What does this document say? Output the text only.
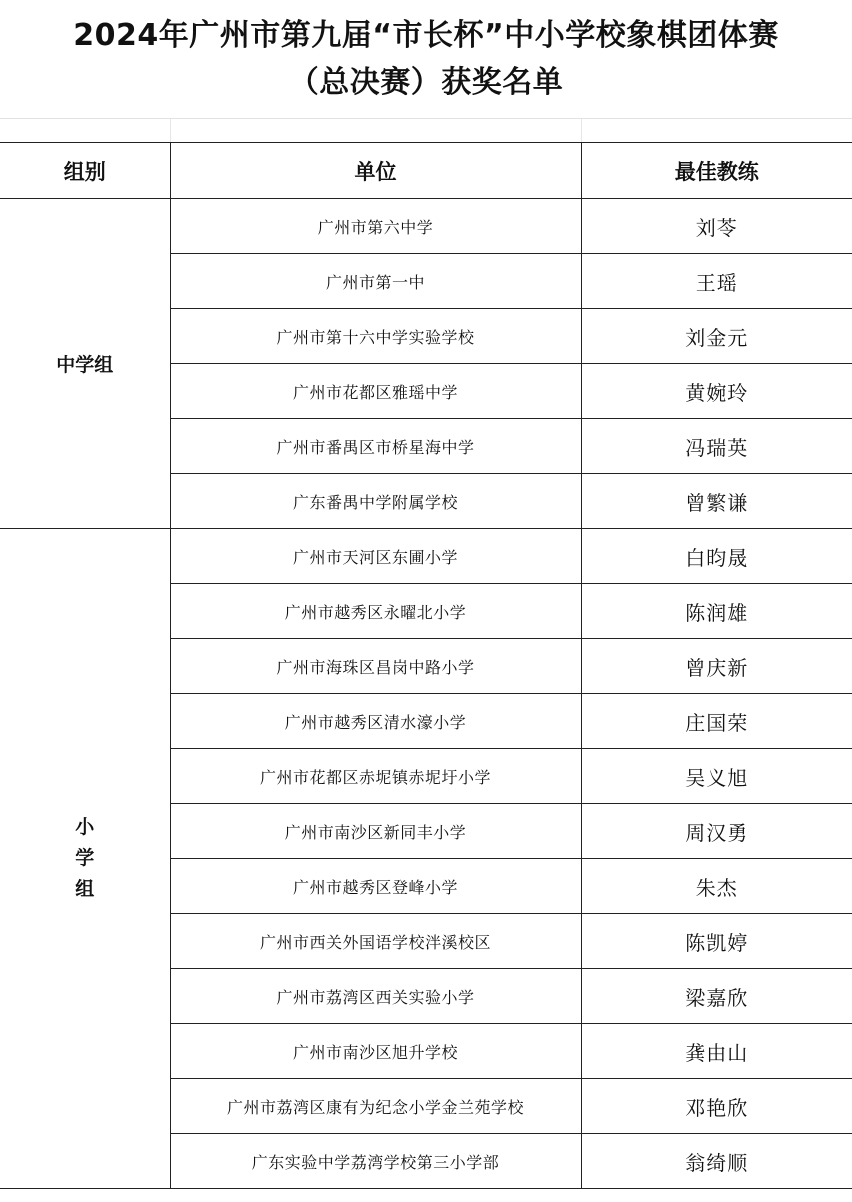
2024年广州市第九届“市长杯”中小学校象棋团体赛
（总决赛）获奖名单
组别	单位	最佳教练
中学组	广州市第六中学	刘苓
	广州市第一中	王瑶
	广州市第十六中学实验学校	刘金元
	广州市花都区雅瑶中学	黄婉玲
	广州市番禺区市桥星海中学	冯瑞英
	广东番禺中学附属学校	曾繁谦
小学组	广州市天河区东圃小学	白昀晟
	广州市越秀区永曜北小学	陈润雄
	广州市海珠区昌岗中路小学	曾庆新
	广州市越秀区清水濠小学	庄国荣
	广州市花都区赤坭镇赤坭圩小学	吴义旭
	广州市南沙区新同丰小学	周汉勇
	广州市越秀区登峰小学	朱杰
	广州市西关外国语学校泮溪校区	陈凯婷
	广州市荔湾区西关实验小学	梁嘉欣
	广州市南沙区旭升学校	龚由山
	广州市荔湾区康有为纪念小学金兰苑学校	邓艳欣
	广东实验中学荔湾学校第三小学部	翁绮顺
